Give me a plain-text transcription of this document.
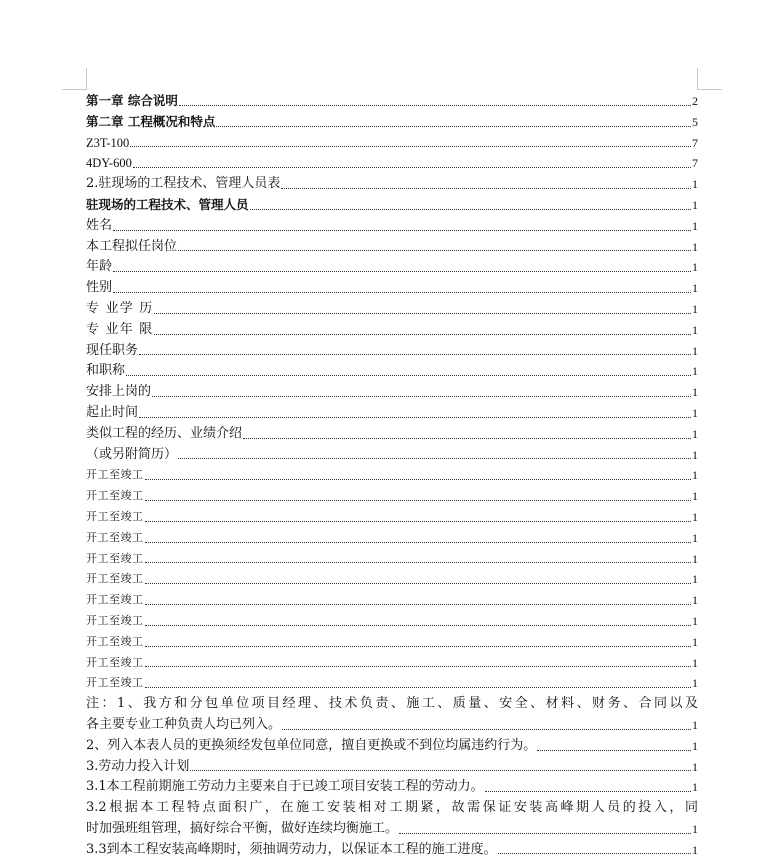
第一章 综合说明	2
第二章 工程概况和特点	5
Z3T-100	7
4DY-600	7
2.驻现场的工程技术、管理人员表	1
驻现场的工程技术、管理人员	1
姓名	1
本工程拟任岗位	1
年龄	1
性别	1
专 业学 历	1
专 业年 限	1
现任职务	1
和职称	1
安排上岗的	1
起止时间	1
类似工程的经历、业绩介绍	1
（或另附简历）	1
开工至竣工	1
开工至竣工	1
开工至竣工	1
开工至竣工	1
开工至竣工	1
开工至竣工	1
开工至竣工	1
开工至竣工	1
开工至竣工	1
开工至竣工	1
开工至竣工	1
注：1、我方和分包单位项目经理、技术负责、施工、质量、安全、材料、财务、合同以及
各主要专业工种负责人均已列入。	1
2、列入本表人员的更换须经发包单位同意，擅自更换或不到位均属违约行为。	1
3.劳动力投入计划	1
3.1本工程前期施工劳动力主要来自于已竣工项目安装工程的劳动力。	1
3.2根据本工程特点面积广，在施工安装相对工期紧，故需保证安装高峰期人员的投入，同
时加强班组管理，搞好综合平衡，做好连续均衡施工。	1
3.3到本工程安装高峰期时，须抽调劳动力，以保证本工程的施工进度。	1
